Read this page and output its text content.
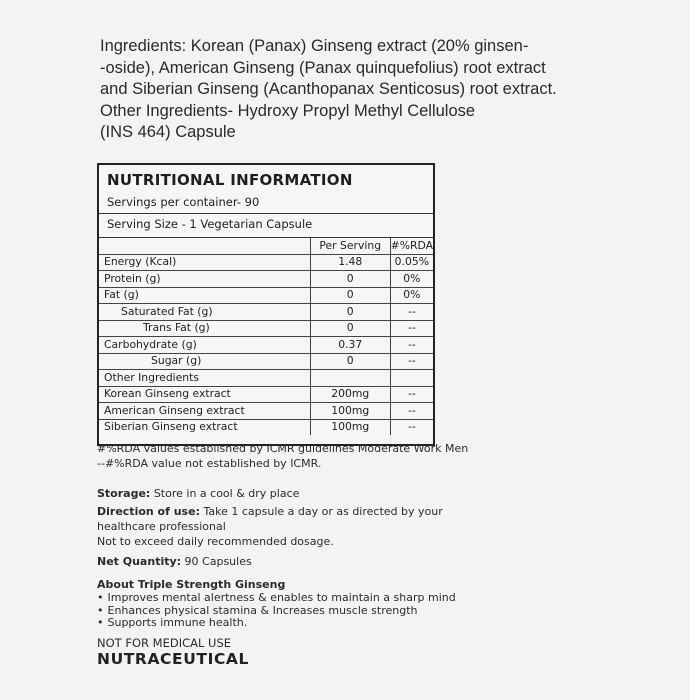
Ingredients: Korean (Panax) Ginseng extract (20% ginsen-
-oside), American Ginseng (Panax quinquefolius) root extract
and Siberian Ginseng (Acanthopanax Senticosus) root extract.
Other Ingredients- Hydroxy Propyl Methyl Cellulose
(INS 464) Capsule
NUTRITIONAL INFORMATION
Servings per container- 90
Serving Size - 1 Vegetarian Capsule
	Per Serving	#%RDA
Energy (Kcal)	1.48	0.05%
Protein (g)	0	0%
Fat (g)	0	0%
Saturated Fat (g)	0	--
Trans Fat (g)	0	--
Carbohydrate (g)	0.37	--
Sugar (g)	0	--
Other Ingredients		
Korean Ginseng extract	200mg	--
American Ginseng extract	100mg	--
Siberian Ginseng extract	100mg	--
#%RDA values established by ICMR guidelines Moderate Work Men
--#%RDA value not established by ICMR.
Storage: Store in a cool & dry place
Direction of use: Take 1 capsule a day or as directed by your
healthcare professional
Not to exceed daily recommended dosage.
Net Quantity: 90 Capsules
About Triple Strength Ginseng
• Improves mental alertness & enables to maintain a sharp mind
• Enhances physical stamina & Increases muscle strength
• Supports immune health.
NOT FOR MEDICAL USE
NUTRACEUTICAL
